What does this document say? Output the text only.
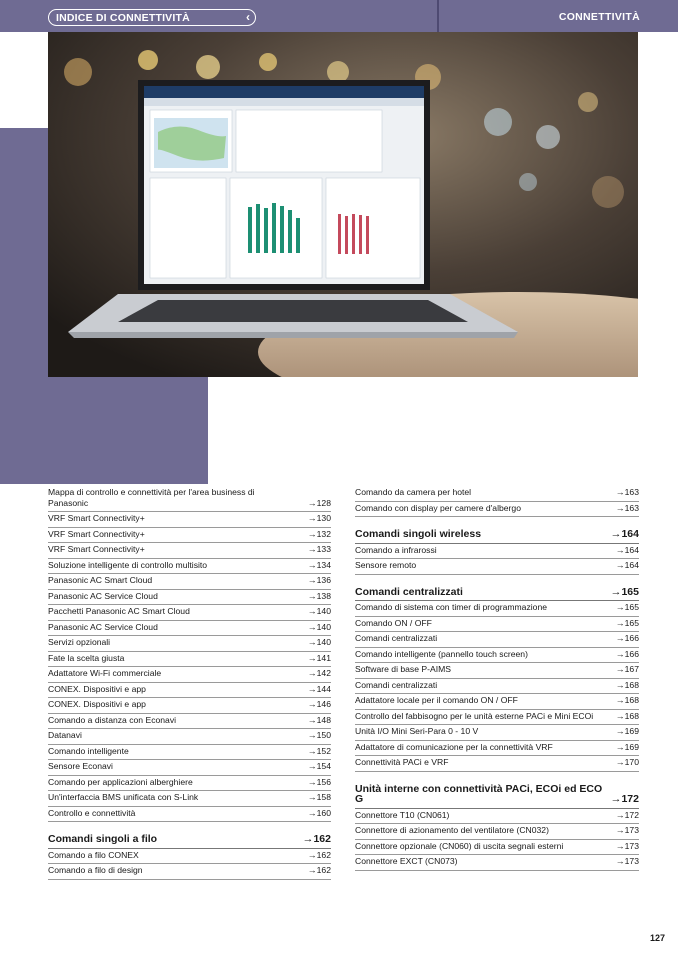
INDICE DI CONNETTIVITÀ	‹	CONNETTIVITÀ
Mappa di controllo e connettività per l'area business di Panasonic	→128
VRF Smart Connectivity+	→130
VRF Smart Connectivity+	→132
VRF Smart Connectivity+	→133
Soluzione intelligente di controllo multisito	→134
Panasonic AC Smart Cloud	→136
Panasonic AC Service Cloud	→138
Pacchetti Panasonic AC Smart Cloud	→140
Panasonic AC Service Cloud	→140
Servizi opzionali	→140
Fate la scelta giusta	→141
Adattatore Wi-Fi commerciale	→142
CONEX. Dispositivi e app	→144
CONEX. Dispositivi e app	→146
Comando a distanza con Econavi	→148
Datanavi	→150
Comando intelligente	→152
Sensore Econavi	→154
Comando per applicazioni alberghiere	→156
Un'interfaccia BMS unificata con S-Link	→158
Controllo e connettività	→160
Comandi singoli a filo	→162
Comando a filo CONEX	→162
Comando a filo di design	→162
Comando da camera per hotel	→163
Comando con display per camere d'albergo	→163
Comandi singoli wireless	→164
Comando a infrarossi	→164
Sensore remoto	→164
Comandi centralizzati	→165
Comando di sistema con timer di programmazione	→165
Comando ON / OFF	→165
Comandi centralizzati	→166
Comando intelligente (pannello touch screen)	→166
Software di base P-AIMS	→167
Comandi centralizzati	→168
Adattatore locale per il comando ON / OFF	→168
Controllo del fabbisogno per le unità esterne PACi e Mini ECOi →168
Unità I/O Mini Seri-Para 0 - 10 V	→169
Adattatore di comunicazione per la connettività VRF	→169
Connettività PACi e VRF	→170
Unità interne con connettività PACi, ECOi ed ECO G	→172
Connettore T10 (CN061)	→172
Connettore di azionamento del ventilatore (CN032)	→173
Connettore opzionale (CN060) di uscita segnali esterni	→173
Connettore EXCT (CN073)	→173
127
